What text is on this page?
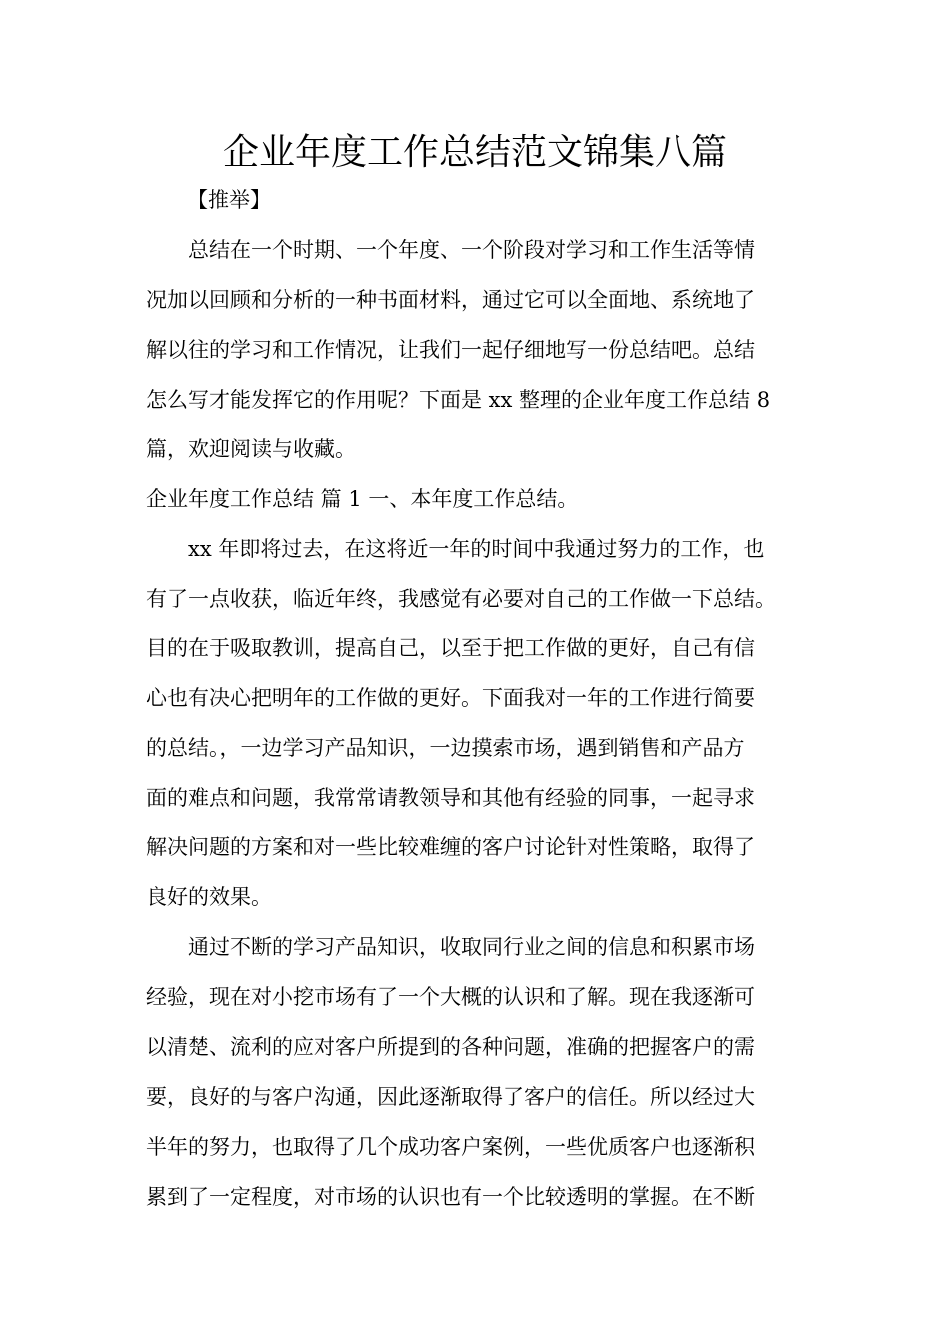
企业年度工作总结范文锦集八篇
【推举】
总结在一个时期、一个年度、一个阶段对学习和工作生活等情
况加以回顾和分析的一种书面材料，通过它可以全面地、系统地了
解以往的学习和工作情况，让我们一起仔细地写一份总结吧。总结
怎么写才能发挥它的作用呢？下面是 xx 整理的企业年度工作总结 8
篇，欢迎阅读与收藏。
企业年度工作总结 篇 1 一、本年度工作总结。
xx 年即将过去，在这将近一年的时间中我通过努力的工作，也
有了一点收获，临近年终，我感觉有必要对自己的工作做一下总结。
目的在于吸取教训，提高自己，以至于把工作做的更好，自己有信
心也有决心把明年的工作做的更好。下面我对一年的工作进行简要
的总结。，一边学习产品知识，一边摸索市场，遇到销售和产品方
面的难点和问题，我常常请教领导和其他有经验的同事，一起寻求
解决问题的方案和对一些比较难缠的客户讨论针对性策略，取得了
良好的效果。
通过不断的学习产品知识，收取同行业之间的信息和积累市场
经验，现在对小挖市场有了一个大概的认识和了解。现在我逐渐可
以清楚、流利的应对客户所提到的各种问题，准确的把握客户的需
要，良好的与客户沟通，因此逐渐取得了客户的信任。所以经过大
半年的努力，也取得了几个成功客户案例，一些优质客户也逐渐积
累到了一定程度，对市场的认识也有一个比较透明的掌握。在不断
